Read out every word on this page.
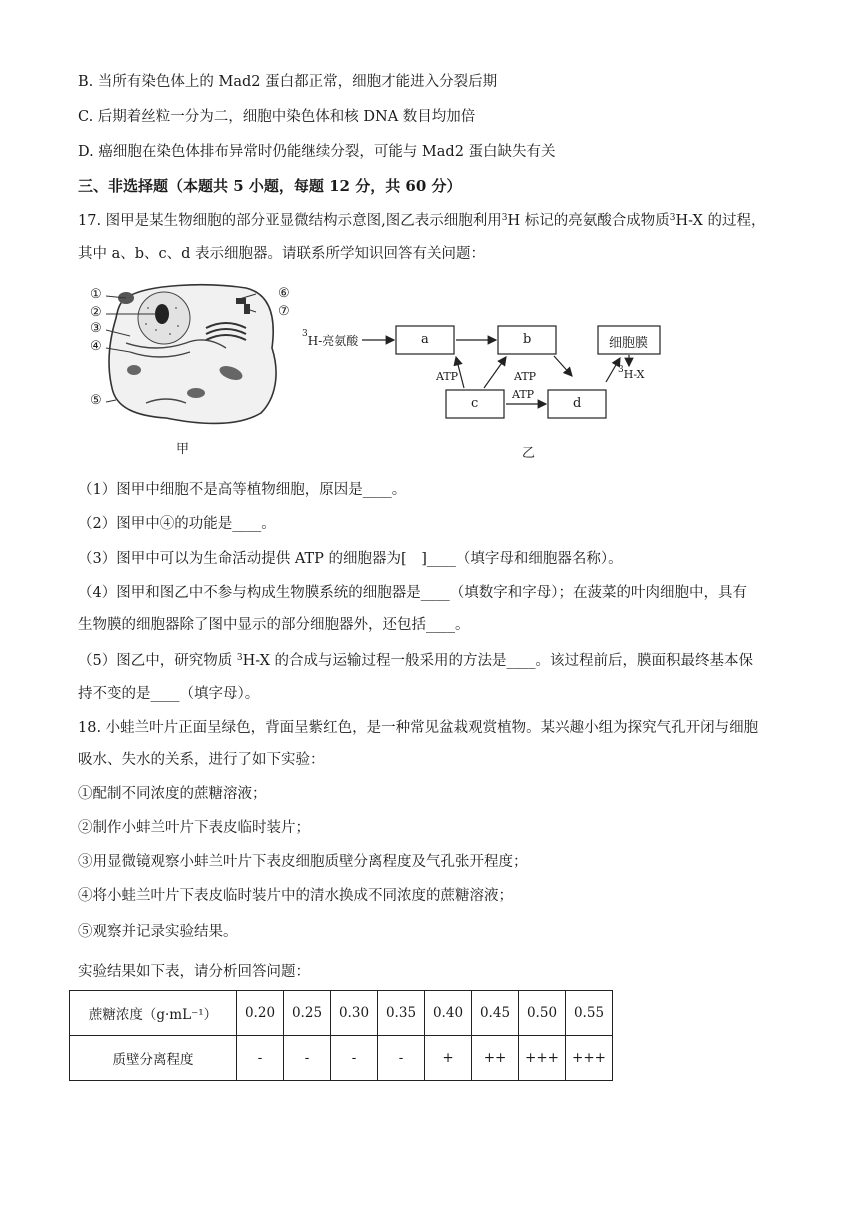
B. 当所有染色体上的 Mad2 蛋白都正常，细胞才能进入分裂后期
C. 后期着丝粒一分为二，细胞中染色体和核 DNA 数目均加倍
D. 癌细胞在染色体排布异常时仍能继续分裂，可能与 Mad2 蛋白缺失有关
三、非选择题（本题共 5 小题，每题 12 分，共 60 分）
17. 图甲是某生物细胞的部分亚显微结构示意图,图乙表示细胞利用$^3$H 标记的亮氨酸合成物质$^3$H-X 的过程，
其中 a、b、c、d 表示细胞器。请联系所学知识回答有关问题：
①
②
③
④
⑤
⑥
⑦
甲
$^3$H-亮氨酸	a	b	细胞膜
c	d
ATP	ATP
ATP
$^3$H-X
乙
（1）图甲中细胞不是高等植物细胞，原因是____。
（2）图甲中④的功能是____。
（3）图甲中可以为生命活动提供 ATP 的细胞器为[　]____（填字母和细胞器名称）。
（4）图甲和图乙中不参与构成生物膜系统的细胞器是____（填数字和字母）；在菠菜的叶肉细胞中，具有
生物膜的细胞器除了图中显示的部分细胞器外，还包括____。
（5）图乙中，研究物质 $^3$H-X 的合成与运输过程一般采用的方法是____。该过程前后，膜面积最终基本保
持不变的是____（填字母）。
18. 小蛙兰叶片正面呈绿色，背面呈紫红色，是一种常见盆栽观赏植物。某兴趣小组为探究气孔开闭与细胞
吸水、失水的关系，进行了如下实验：
①配制不同浓度的蔗糖溶液；
②制作小蚌兰叶片下表皮临时装片；
③用显微镜观察小蚌兰叶片下表皮细胞质壁分离程度及气孔张开程度；
④将小蛙兰叶片下表皮临时装片中的清水换成不同浓度的蔗糖溶液；
⑤观察并记录实验结果。
实验结果如下表，请分析回答问题：
蔗糖浓度（g·mL⁻¹）	0.20	0.25	0.30	0.35	0.40	0.45	0.50	0.55
质壁分离程度	-	-	-	-	+	++	+++	+++
